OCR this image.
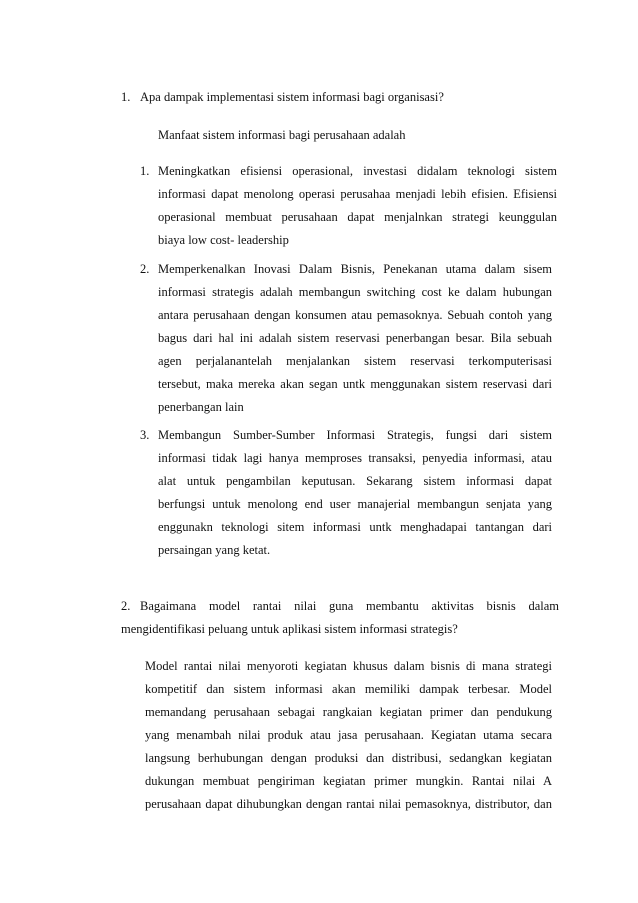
1. Apa dampak implementasi sistem informasi bagi organisasi?
Manfaat sistem informasi bagi perusahaan adalah
1. Meningkatkan efisiensi operasional, investasi didalam teknologi sistem
informasi dapat menolong operasi perusahaa menjadi lebih efisien. Efisiensi
operasional membuat perusahaan dapat menjalnkan strategi keunggulan
biaya low cost- leadership
2. Memperkenalkan Inovasi Dalam Bisnis, Penekanan utama dalam sisem
informasi strategis adalah membangun switching cost ke dalam hubungan
antara perusahaan dengan konsumen atau pemasoknya. Sebuah contoh yang
bagus dari hal ini adalah sistem reservasi penerbangan besar. Bila sebuah
agen perjalanantelah menjalankan sistem reservasi terkomputerisasi
tersebut, maka mereka akan segan untk menggunakan sistem reservasi dari
penerbangan lain
3. Membangun Sumber-Sumber Informasi Strategis, fungsi dari sistem
informasi tidak lagi hanya memproses transaksi, penyedia informasi, atau
alat untuk pengambilan keputusan. Sekarang sistem informasi dapat
berfungsi untuk menolong end user manajerial membangun senjata yang
enggunakn teknologi sitem informasi untk menghadapai tantangan dari
persaingan yang ketat.
2. Bagaimana model rantai nilai guna membantu aktivitas bisnis dalam
mengidentifikasi peluang untuk aplikasi sistem informasi strategis?
Model rantai nilai menyoroti kegiatan khusus dalam bisnis di mana strategi
kompetitif dan sistem informasi akan memiliki dampak terbesar. Model
memandang perusahaan sebagai rangkaian kegiatan primer dan pendukung
yang menambah nilai produk atau jasa perusahaan. Kegiatan utama secara
langsung berhubungan dengan produksi dan distribusi, sedangkan kegiatan
dukungan membuat pengiriman kegiatan primer mungkin. Rantai nilai A
perusahaan dapat dihubungkan dengan rantai nilai pemasoknya, distributor, dan
